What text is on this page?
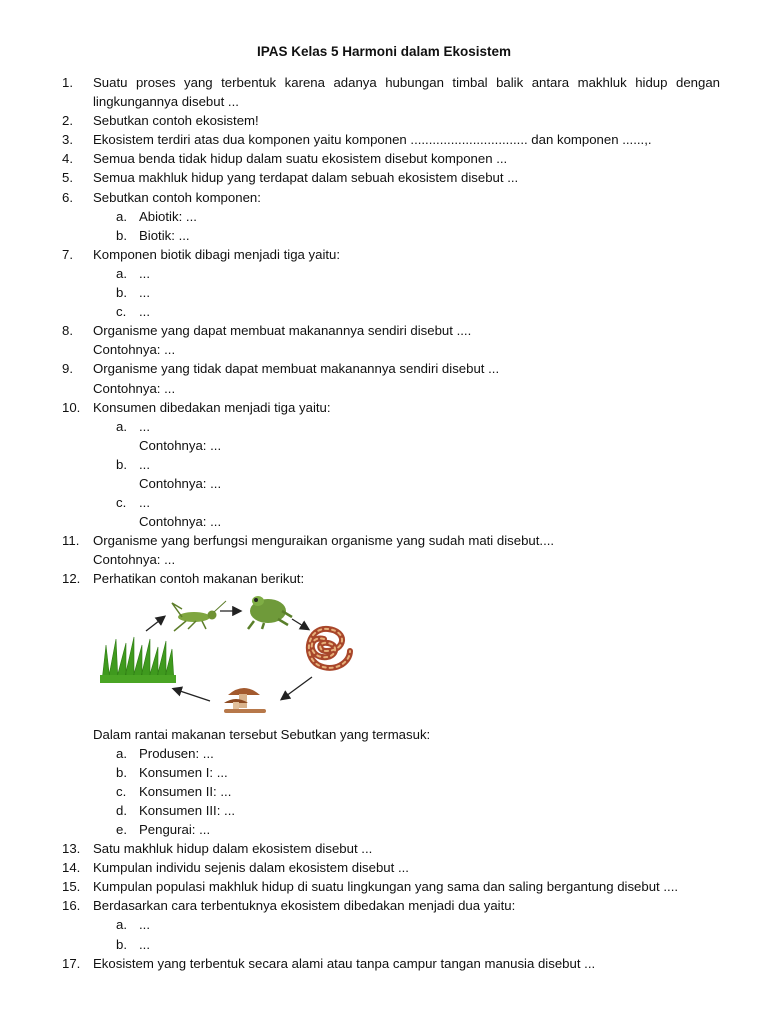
IPAS Kelas 5 Harmoni dalam Ekosistem
1.	Suatu proses yang terbentuk karena adanya hubungan timbal balik antara makhluk hidup dengan
lingkungannya disebut ...
2.	Sebutkan contoh ekosistem!
3.	Ekosistem terdiri atas dua komponen yaitu komponen ................................ dan komponen ......,.
4.	Semua benda tidak hidup dalam suatu ekosistem disebut komponen ...
5.	Semua makhluk hidup yang terdapat dalam sebuah ekosistem disebut ...
6.	Sebutkan contoh komponen:
a. Abiotik: ...
b. Biotik: ...
7.	Komponen biotik dibagi menjadi tiga yaitu:
a. ...
b. ...
c. ...
8.	Organisme yang dapat membuat makanannya sendiri disebut ....
Contohnya: ...
9.	Organisme yang tidak dapat membuat makanannya sendiri disebut ...
Contohnya: ...
10. Konsumen dibedakan menjadi tiga yaitu:
a. ...
Contohnya: ...
b. ...
Contohnya: ...
c. ...
Contohnya: ...
11.	Organisme yang berfungsi menguraikan organisme yang sudah mati disebut....
Contohnya: ...
12. Perhatikan contoh makanan berikut:
Dalam rantai makanan tersebut Sebutkan yang termasuk:
a. Produsen: ...
b. Konsumen I: ...
c. Konsumen II: ...
d. Konsumen III: ...
e. Pengurai: ...
13. Satu makhluk hidup dalam ekosistem disebut ...
14. Kumpulan individu sejenis dalam ekosistem disebut ...
15. Kumpulan populasi makhluk hidup di suatu lingkungan yang sama dan saling bergantung disebut ....
16. Berdasarkan cara terbentuknya ekosistem dibedakan menjadi dua yaitu:
a. ...
b. ...
17. Ekosistem yang terbentuk secara alami atau tanpa campur tangan manusia disebut ...
